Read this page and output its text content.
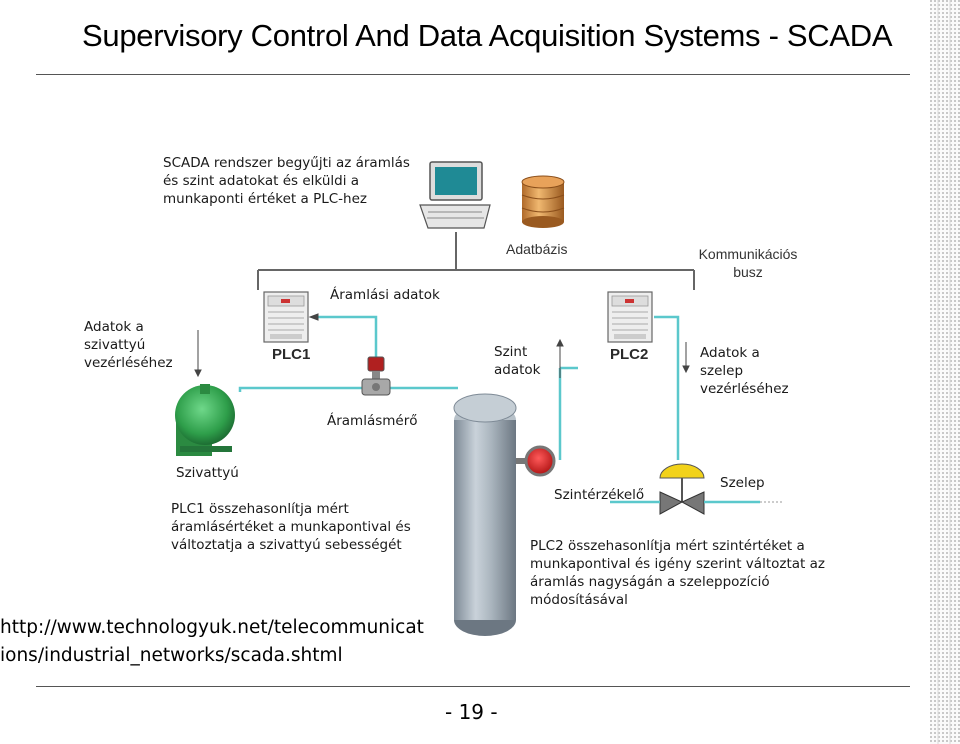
Supervisory Control And Data Acquisition Systems - SCADA
PLC1	PLC2
SCADA rendszer begyűjti az áramlás
és szint adatokat és elküldi a
munkaponti értéket a PLC-hez
Adatok a
szivattyú
vezérléséhez
Áramlási adatok
Adatbázis	Kommunikációs
busz
Szint
adatok
Adatok a
szelep
vezérléséhez
Áramlásmérő
Szivattyú
PLC1 összehasonlítja mért
áramlásértéket a munkapontival és
változtatja a szivattyú sebességét
Szintérzékelő
Szelep
PLC2 összehasonlítja mért szintértéket a
munkapontival és igény szerint változtat az
áramlás nagyságán a szeleppozíció
módosításával
http://www.technologyuk.net/telecommunicat
ions/industrial_networks/scada.shtml
- 19 -
